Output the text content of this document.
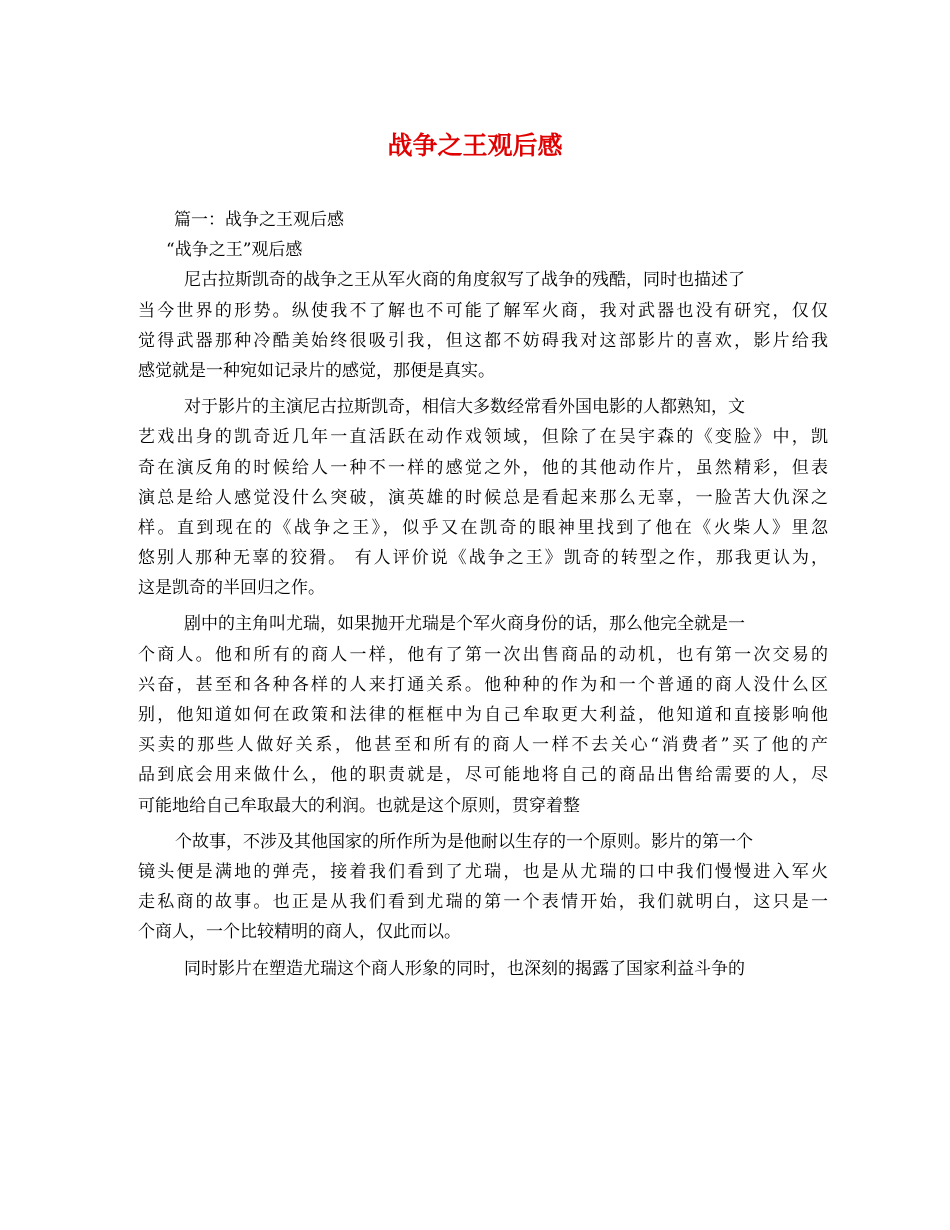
战争之王观后感
篇一：战争之王观后感
“战争之王”观后感
尼古拉斯凯奇的战争之王从军火商的角度叙写了战争的残酷，同时也描述了
当今世界的形势。纵使我不了解也不可能了解军火商，我对武器也没有研究，仅仅
觉得武器那种冷酷美始终很吸引我，但这都不妨碍我对这部影片的喜欢，影片给我
感觉就是一种宛如记录片的感觉，那便是真实。
对于影片的主演尼古拉斯凯奇，相信大多数经常看外国电影的人都熟知，文
艺戏出身的凯奇近几年一直活跃在动作戏领域，但除了在吴宇森的《变脸》中，凯
奇在演反角的时候给人一种不一样的感觉之外，他的其他动作片，虽然精彩，但表
演总是给人感觉没什么突破，演英雄的时候总是看起来那么无辜，一脸苦大仇深之
样。直到现在的《战争之王》，似乎又在凯奇的眼神里找到了他在《火柴人》里忽
悠别人那种无辜的狡猾。 有人评价说《战争之王》凯奇的转型之作，那我更认为，
这是凯奇的半回归之作。
剧中的主角叫尤瑞，如果抛开尤瑞是个军火商身份的话，那么他完全就是一
个商人。他和所有的商人一样，他有了第一次出售商品的动机，也有第一次交易的
兴奋，甚至和各种各样的人来打通关系。他种种的作为和一个普通的商人没什么区
别，他知道如何在政策和法律的框框中为自己牟取更大利益，他知道和直接影响他
买卖的那些人做好关系，他甚至和所有的商人一样不去关心“消费者”买了他的产
品到底会用来做什么，他的职责就是，尽可能地将自己的商品出售给需要的人，尽
可能地给自己牟取最大的利润。也就是这个原则，贯穿着整
个故事，不涉及其他国家的所作所为是他耐以生存的一个原则。影片的第一个
镜头便是满地的弹壳，接着我们看到了尤瑞，也是从尤瑞的口中我们慢慢进入军火
走私商的故事。也正是从我们看到尤瑞的第一个表情开始，我们就明白，这只是一
个商人，一个比较精明的商人，仅此而以。
同时影片在塑造尤瑞这个商人形象的同时，也深刻的揭露了国家利益斗争的
